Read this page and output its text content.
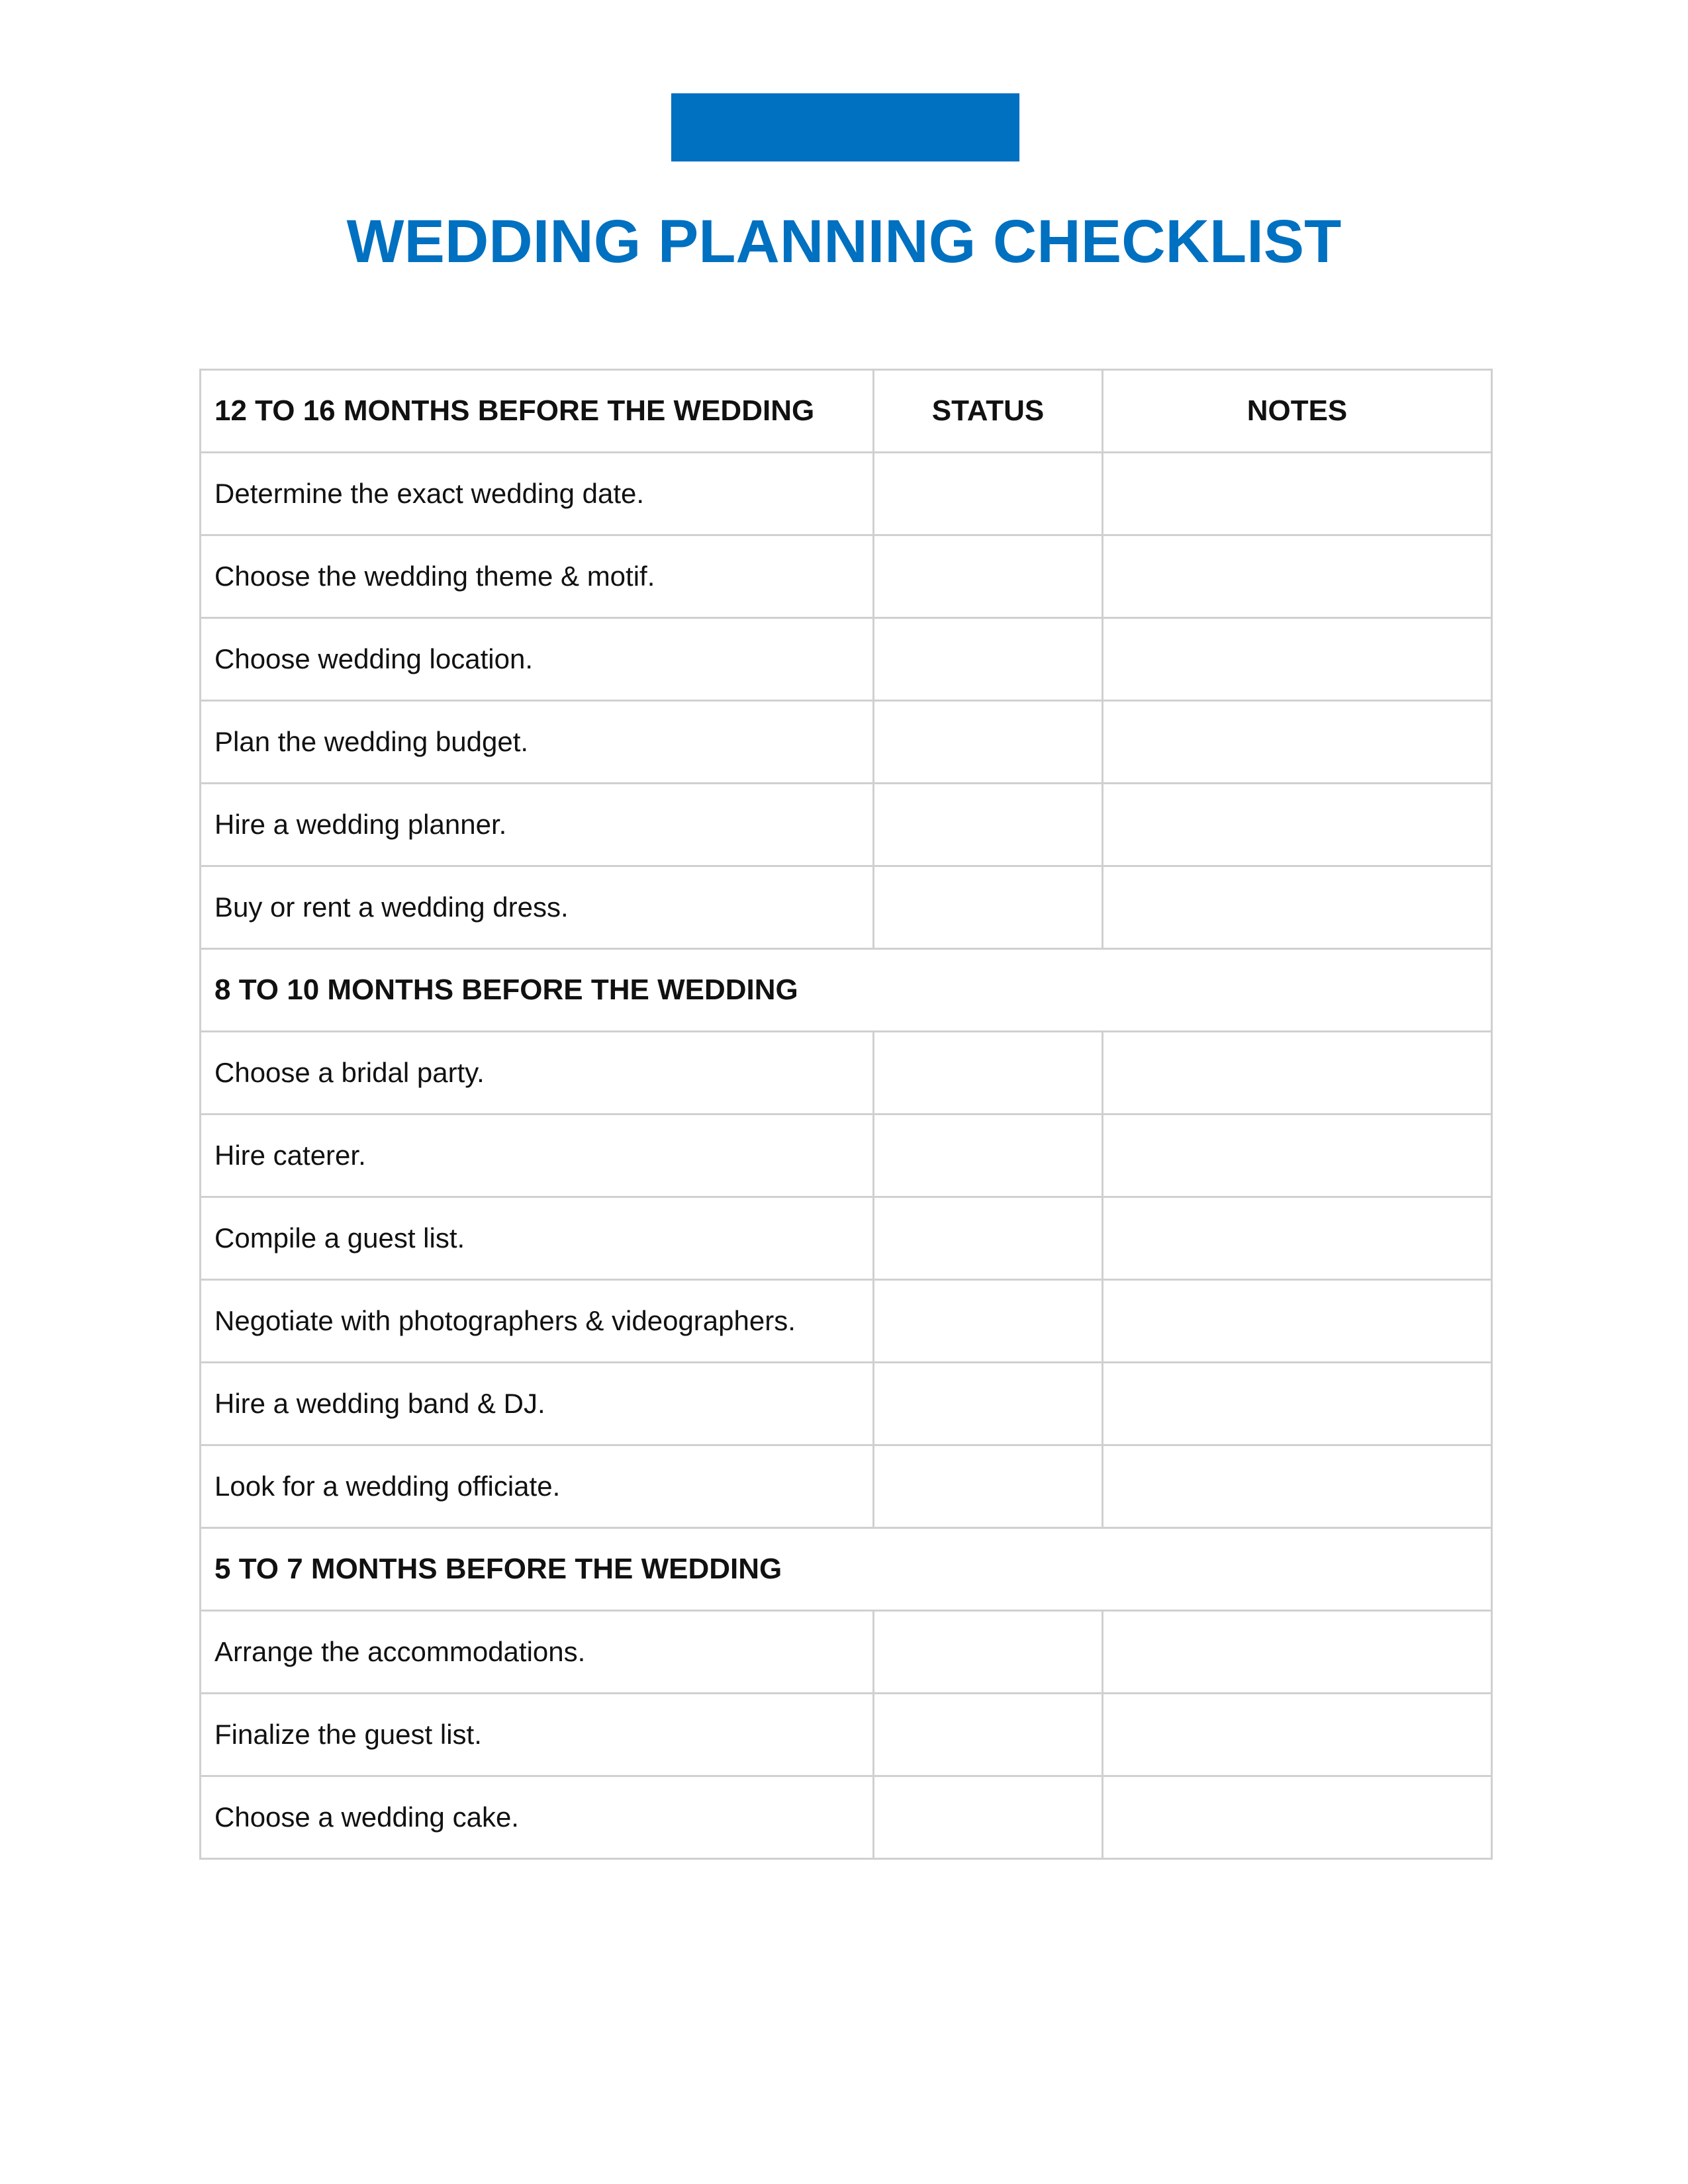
WEDDING PLANNING CHECKLIST
12 TO 16 MONTHS BEFORE THE WEDDING	STATUS	NOTES
Determine the exact wedding date.		
Choose the wedding theme & motif.		
Choose wedding location.		
Plan the wedding budget.		
Hire a wedding planner.		
Buy or rent a wedding dress.		
8 TO 10 MONTHS BEFORE THE WEDDING		
Choose a bridal party.		
Hire caterer.		
Compile a guest list.		
Negotiate with photographers & videographers.		
Hire a wedding band & DJ.		
Look for a wedding officiate.		
5 TO 7 MONTHS BEFORE THE WEDDING		
Arrange the accommodations.		
Finalize the guest list.		
Choose a wedding cake.		
